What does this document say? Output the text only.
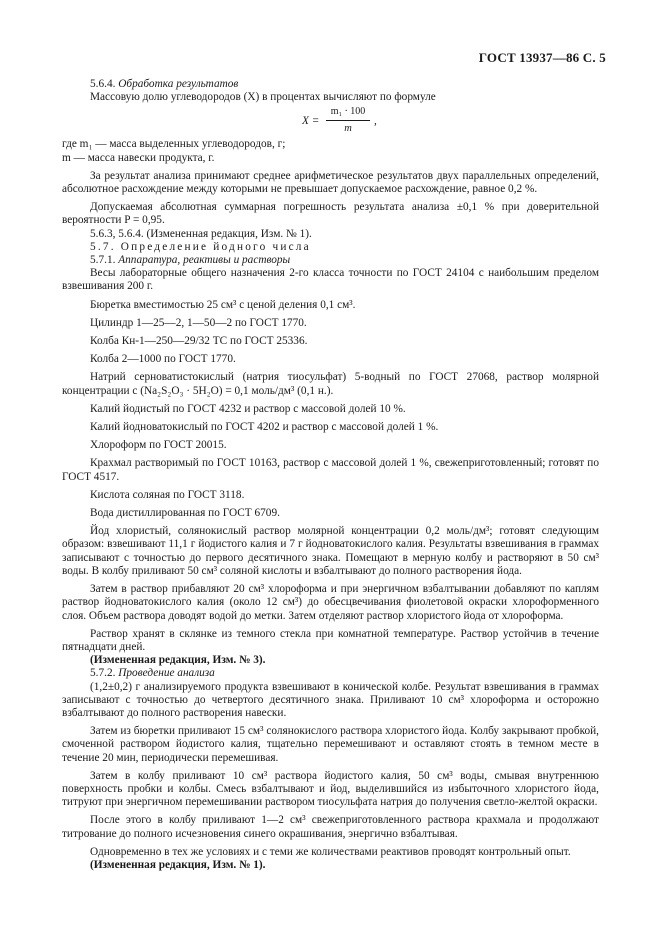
ГОСТ 13937—86 С. 5

5.6.4. Обработка результатов

Массовую долю углеводородов (X) в процентах вычисляют по формуле

$X = \frac{\text{m₁ · 100}}{m}$ ,

где m₁ — масса выделенных углеводородов, г;

m — масса навески продукта, г.

За результат анализа принимают среднее арифметическое результатов двух параллельных определений, абсолютное расхождение между которыми не превышает допускаемое расхождение, равное 0,2 %.

Допускаемая абсолютная суммарная погрешность результата анализа ±0,1 % при доверительной вероятности P = 0,95.

5.6.3, 5.6.4. (Измененная редакция, Изм. № 1).

5.7. Определение йодного числа

5.7.1. Аппаратура, реактивы и растворы

Весы лабораторные общего назначения 2-го класса точности по ГОСТ 24104 с наибольшим пределом взвешивания 200 г.

Бюретка вместимостью 25 см³ с ценой деления 0,1 см³.

Цилиндр 1—25—2, 1—50—2 по ГОСТ 1770.

Колба Кн-1—250—29/32 ТС по ГОСТ 25336.

Колба 2—1000 по ГОСТ 1770.

Натрий серноватистокислый (натрия тиосульфат) 5-водный по ГОСТ 27068, раствор молярной концентрации c (Na₂S₂O₃ · 5H₂O) = 0,1 моль/дм³ (0,1 н.).

Калий йодистый по ГОСТ 4232 и раствор с массовой долей 10 %.

Калий йодноватокислый по ГОСТ 4202 и раствор с массовой долей 1 %.

Хлороформ по ГОСТ 20015.

Крахмал растворимый по ГОСТ 10163, раствор с массовой долей 1 %, свежеприготовленный; готовят по ГОСТ 4517.

Кислота соляная по ГОСТ 3118.

Вода дистиллированная по ГОСТ 6709.

Йод хлористый, солянокислый раствор молярной концентрации 0,2 моль/дм³; готовят следующим образом: взвешивают 11,1 г йодистого калия и 7 г йодноватокислого калия. Результаты взвешивания в граммах записывают с точностью до первого десятичного знака. Помещают в мерную колбу и растворяют в 50 см³ воды. В колбу приливают 50 см³ соляной кислоты и взбалтывают до полного растворения йода.

Затем в раствор прибавляют 20 см³ хлороформа и при энергичном взбалтывании добавляют по каплям раствор йодноватокислого калия (около 12 см³) до обесцвечивания фиолетовой окраски хлороформенного слоя. Объем раствора доводят водой до метки. Затем отделяют раствор хлористого йода от хлороформа.

Раствор хранят в склянке из темного стекла при комнатной температуре. Раствор устойчив в течение пятнадцати дней.

(Измененная редакция, Изм. № 3).

5.7.2. Проведение анализа

(1,2±0,2) г анализируемого продукта взвешивают в конической колбе. Результат взвешивания в граммах записывают с точностью до четвертого десятичного знака. Приливают 10 см³ хлороформа и осторожно взбалтывают до полного растворения навески.

Затем из бюретки приливают 15 см³ солянокислого раствора хлористого йода. Колбу закрывают пробкой, смоченной раствором йодистого калия, тщательно перемешивают и оставляют стоять в темном месте в течение 20 мин, периодически перемешивая.

Затем в колбу приливают 10 см³ раствора йодистого калия, 50 см³ воды, смывая внутреннюю поверхность пробки и колбы. Смесь взбалтывают и йод, выделившийся из избыточного хлористого йода, титруют при энергичном перемешивании раствором тиосульфата натрия до получения светло-желтой окраски.

После этого в колбу приливают 1—2 см³ свежеприготовленного раствора крахмала и продолжают титрование до полного исчезновения синего окрашивания, энергично взбалтывая.

Одновременно в тех же условиях и с теми же количествами реактивов проводят контрольный опыт.

(Измененная редакция, Изм. № 1).
